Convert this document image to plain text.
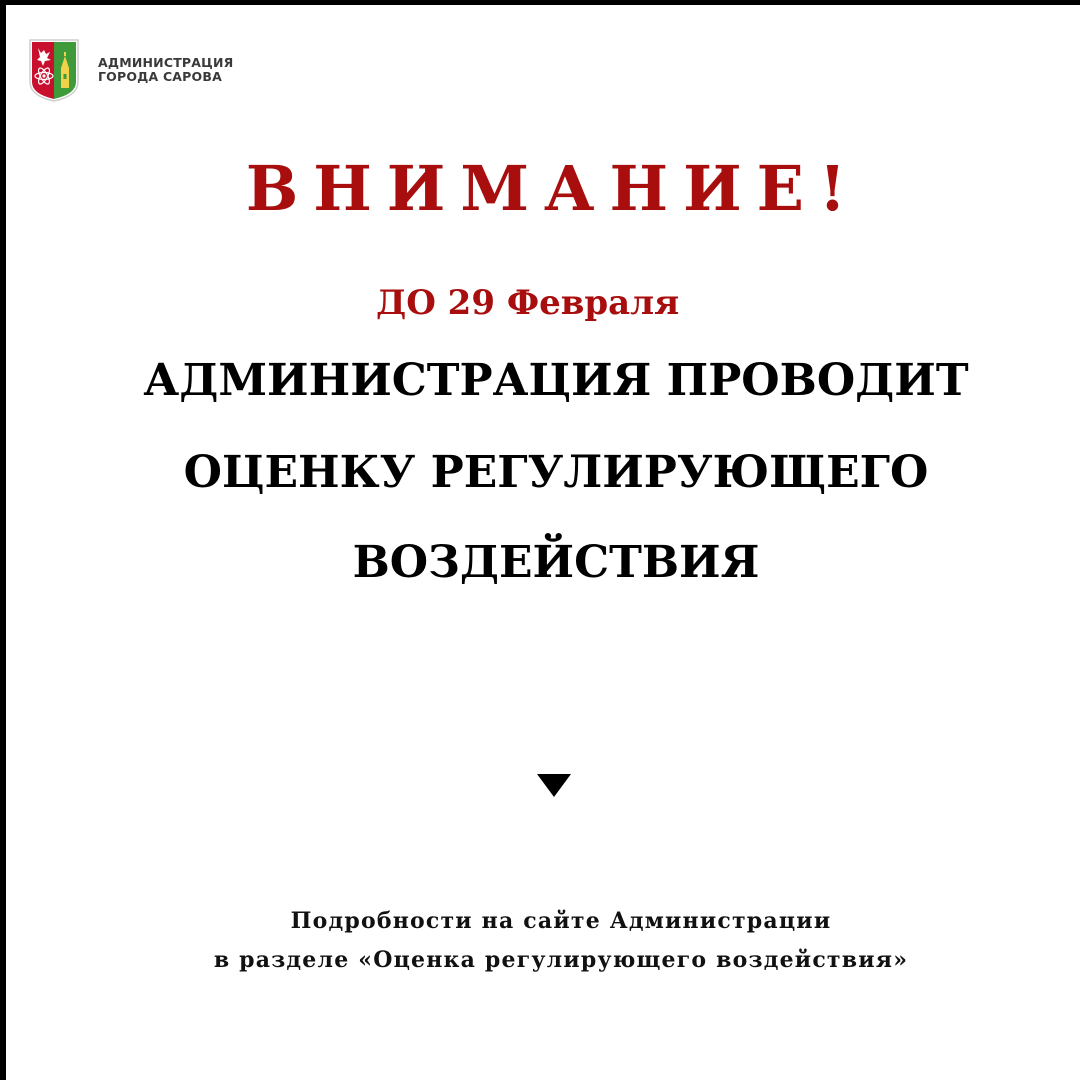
АДМИНИСТРАЦИЯ ГОРОДА САРОВА
ВНИМАНИЕ!
ДО 29 Февраля
АДМИНИСТРАЦИЯ ПРОВОДИТ
ОЦЕНКУ РЕГУЛИРУЮЩЕГО
ВОЗДЕЙСТВИЯ
Подробности на сайте Администрации
в разделе «Оценка регулирующего воздействия»
